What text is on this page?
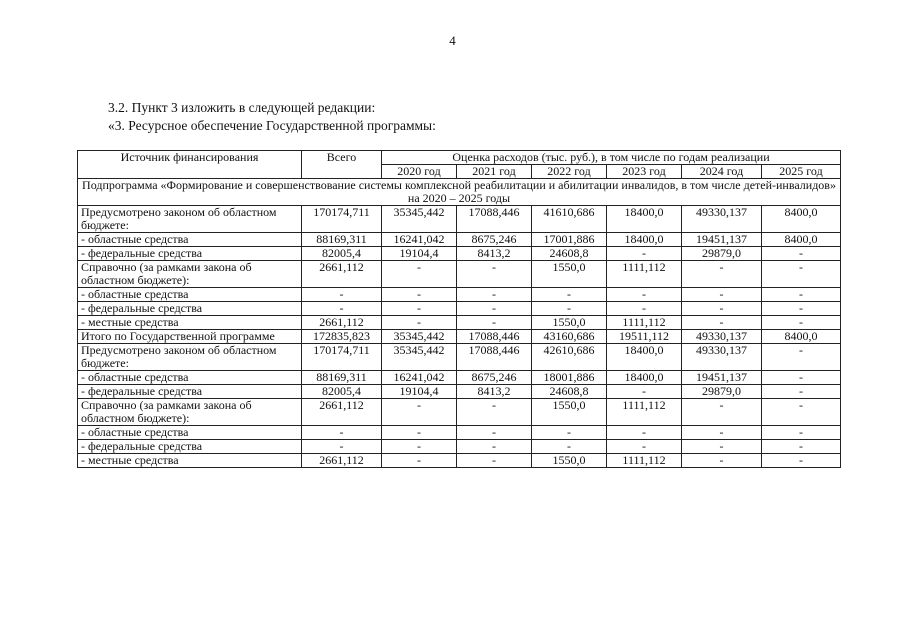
4
3.2. Пункт 3 изложить в следующей редакции:
«3. Ресурсное обеспечение Государственной программы:
Источник финансирования	Всего	Оценка расходов (тыс. руб.), в том числе по годам реализации					
		2020 год	2021 год	2022 год	2023 год	2024 год	2025 год
Подпрограмма «Формирование и совершенствование системы комплексной реабилитации и абилитации инвалидов, в том числе детей-инвалидов» на 2020 – 2025 годы							
Предусмотрено законом об областном бюджете:	170174,711	35345,442	17088,446	41610,686	18400,0	49330,137	8400,0
- областные средства	88169,311	16241,042	8675,246	17001,886	18400,0	19451,137	8400,0
- федеральные средства	82005,4	19104,4	8413,2	24608,8	-	29879,0	-
Справочно (за рамками закона об областном бюджете):	2661,112	-	-	1550,0	1111,112	-	-
- областные средства	-	-	-	-	-	-	-
- федеральные средства	-	-	-	-	-	-	-
- местные средства	2661,112	-	-	1550,0	1111,112	-	-
Итого по Государственной программе	172835,823	35345,442	17088,446	43160,686	19511,112	49330,137	8400,0
Предусмотрено законом об областном бюджете:	170174,711	35345,442	17088,446	42610,686	18400,0	49330,137	-
- областные средства	88169,311	16241,042	8675,246	18001,886	18400,0	19451,137	-
- федеральные средства	82005,4	19104,4	8413,2	24608,8	-	29879,0	-
Справочно (за рамками закона об областном бюджете):	2661,112	-	-	1550,0	1111,112	-	-
- областные средства	-	-	-	-	-	-	-
- федеральные средства	-	-	-	-	-	-	-
- местные средства	2661,112	-	-	1550,0	1111,112	-	-
